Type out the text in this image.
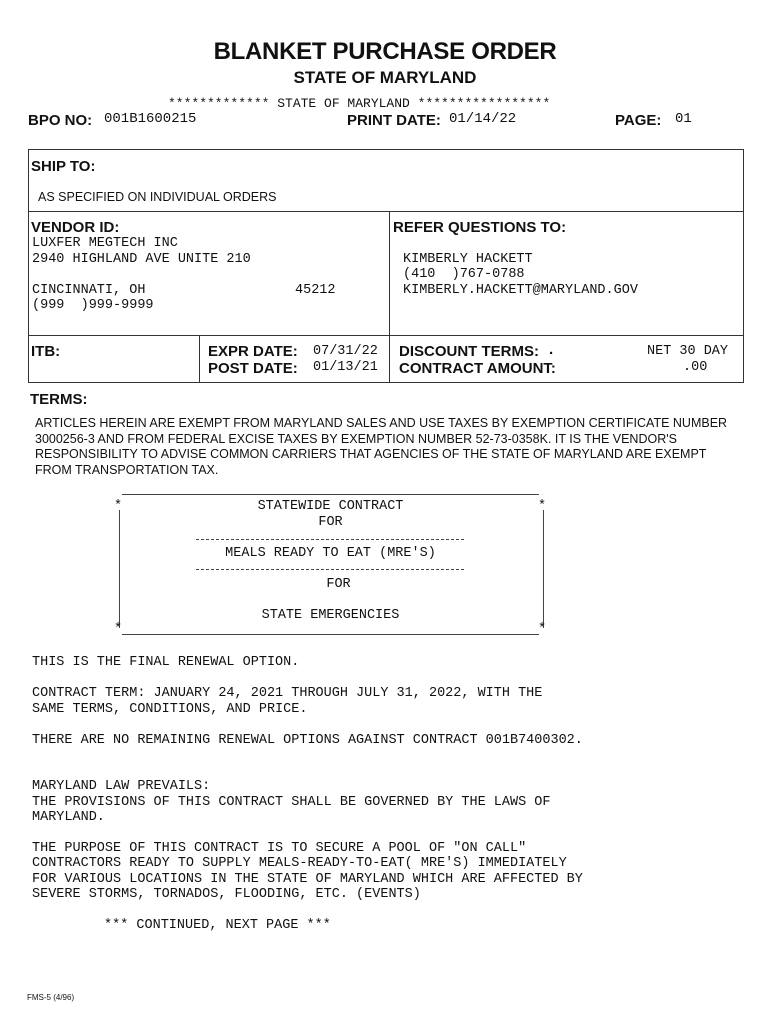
BLANKET PURCHASE ORDER
STATE OF MARYLAND
************* STATE OF MARYLAND *****************
BPO NO: 001B1600215	PRINT DATE: 01/14/22	PAGE: 01
SHIP TO:
AS SPECIFIED ON INDIVIDUAL ORDERS
VENDOR ID:
LUXFER MEGTECH INC
2940 HIGHLAND AVE UNITE 210
CINCINNATI, OH	45212
(999  )999-9999
REFER QUESTIONS TO:
KIMBERLY HACKETT
(410  )767-0788
KIMBERLY.HACKETT@MARYLAND.GOV
ITB:	EXPR DATE: 07/31/22
POST DATE: 01/13/21
DISCOUNT TERMS: .	NET 30 DAY
CONTRACT AMOUNT:	.00
TERMS:
ARTICLES HEREIN ARE EXEMPT FROM MARYLAND SALES AND USE TAXES BY EXEMPTION CERTIFICATE NUMBER 3000256-3 AND FROM FEDERAL EXCISE TAXES BY EXEMPTION NUMBER 52-73-0358K. IT IS THE VENDOR'S RESPONSIBILITY TO ADVISE COMMON CARRIERS THAT AGENCIES OF THE STATE OF MARYLAND ARE EXEMPT FROM TRANSPORTATION TAX.
*	*
*	*
STATEWIDE CONTRACT
FOR
MEALS READY TO EAT (MRE'S)
FOR
STATE EMERGENCIES
THIS IS THE FINAL RENEWAL OPTION.
CONTRACT TERM: JANUARY 24, 2021 THROUGH JULY 31, 2022, WITH THE
SAME TERMS, CONDITIONS, AND PRICE.
THERE ARE NO REMAINING RENEWAL OPTIONS AGAINST CONTRACT 001B7400302.
MARYLAND LAW PREVAILS:
THE PROVISIONS OF THIS CONTRACT SHALL BE GOVERNED BY THE LAWS OF
MARYLAND.
THE PURPOSE OF THIS CONTRACT IS TO SECURE A POOL OF "ON CALL"
CONTRACTORS READY TO SUPPLY MEALS-READY-TO-EAT( MRE'S) IMMEDIATELY
FOR VARIOUS LOCATIONS IN THE STATE OF MARYLAND WHICH ARE AFFECTED BY
SEVERE STORMS, TORNADOS, FLOODING, ETC. (EVENTS)
*** CONTINUED, NEXT PAGE ***
FMS-5 (4/96)
